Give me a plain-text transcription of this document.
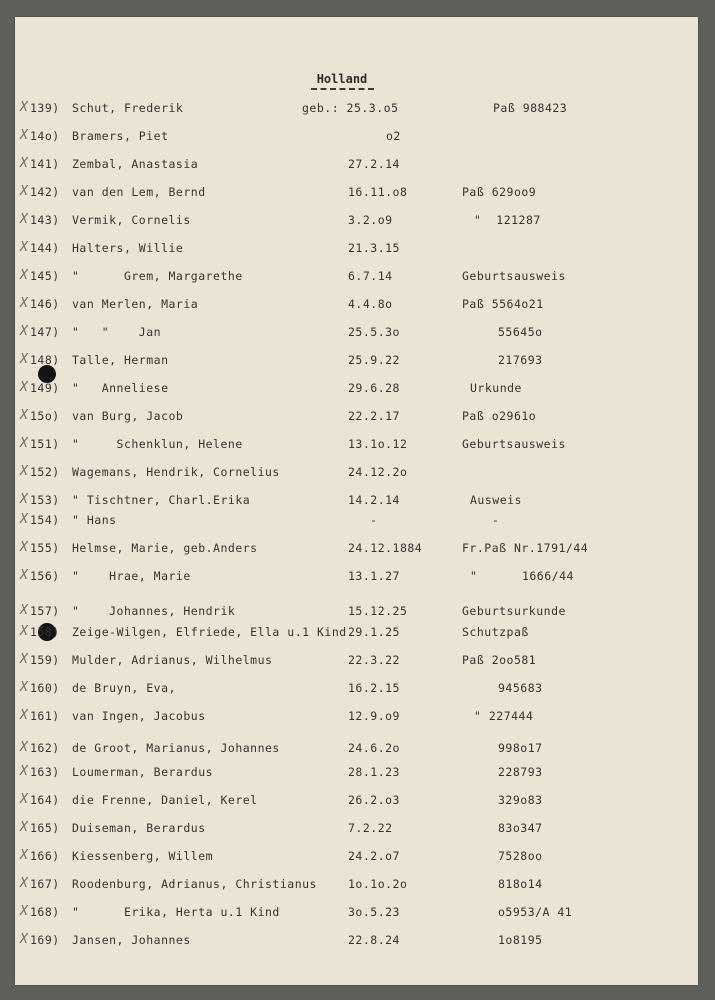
Holland
X 139) Schut, Frederik	geb.: 25.3.o5	Paß 988423
X 14o) Bramers, Piet	o2
X 141) Zembal, Anastasia	27.2.14
X 142) van den Lem, Bernd	16.11.o8	Paß 629oo9
X 143) Vermik, Cornelis	3.2.o9	"  121287
X 144) Halters, Willie	21.3.15
X 145) "      Grem, Margarethe	6.7.14	Geburtsausweis
X 146) van Merlen, Maria	4.4.8o	Paß 5564o21
X 147) "   "    Jan	25.5.3o	55645o
X 148) Talle, Herman	25.9.22	217693
X 149) "   Anneliese	29.6.28	Urkunde
X 15o) van Burg, Jacob	22.2.17	Paß o2961o
X 151) "     Schenklun, Helene	13.1o.12	Geburtsausweis
X 152) Wagemans, Hendrik, Cornelius	24.12.2o
X 153) " Tischtner, Charl.Erika	14.2.14	Ausweis
X 154) " Hans	-	-
X 155) Helmse, Marie, geb.Anders	24.12.1884	Fr.Paß Nr.1791/44
X 156) "    Hrae, Marie	13.1.27	"      1666/44
X 157) "    Johannes, Hendrik	15.12.25	Geburtsurkunde
X 158) Zeige-Wilgen, Elfriede, Ella u.1 Kind 29.1.25	Schutzpaß
X 159) Mulder, Adrianus, Wilhelmus	22.3.22	Paß 2oo581
X 160) de Bruyn, Eva,	16.2.15	945683
X 161) van Ingen, Jacobus	12.9.o9	" 227444
X 162) de Groot, Marianus, Johannes	24.6.2o	998o17
X 163) Loumerman, Berardus	28.1.23	228793
X 164) die Frenne, Daniel, Kerel	26.2.o3	329o83
X 165) Duiseman, Berardus	7.2.22	83o347
X 166) Kiessenberg, Willem	24.2.o7	7528oo
X 167) Roodenburg, Adrianus, Christianus	1o.1o.2o	818o14
X 168) "      Erika, Herta u.1 Kind	3o.5.23	o5953/A 41
X 169) Jansen, Johannes	22.8.24	1o8195
